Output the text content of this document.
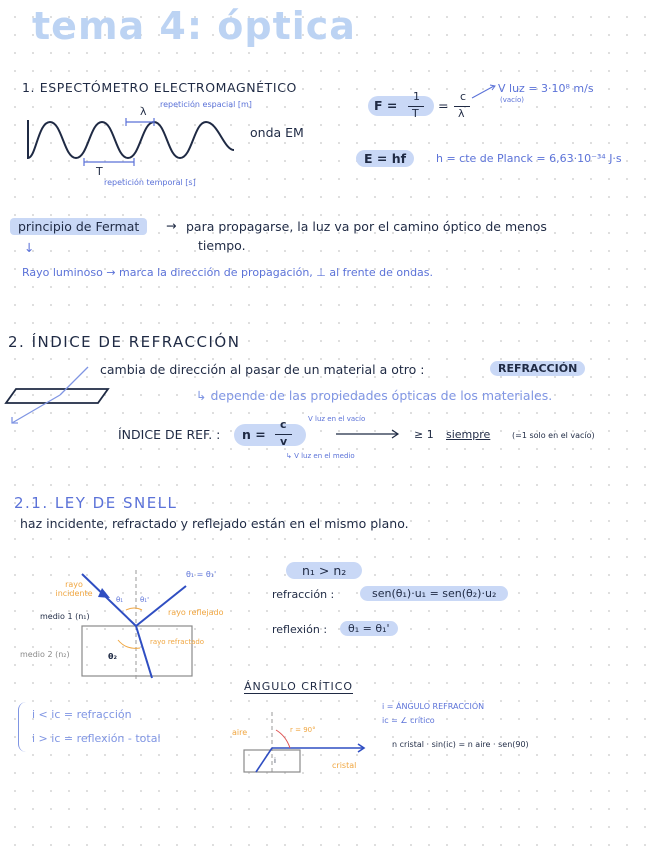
tema 4: óptica
1. ESPECTÓMETRO ELECTROMAGNÉTICO
λ
repetición espacial [m]
onda EM
T
repetición temporal [s]
F =
1
T
=
c
λ
V luz = 3·10⁸ m/s
(vacío)
E = hf	h = cte de Planck = 6,63·10⁻³⁴ J·s
principio de Fermat	→ para propagarse, la luz va por el camino óptico de menos
tiempo.
↓
Rayo luminoso → marca la dirección de propagación, ⊥ al frente de ondas.
2. ÍNDICE DE REFRACCIÓN
cambia de dirección al pasar de un material a otro :	REFRACCIÓN
↳ depende de las propiedades ópticas de los materiales.
ÍNDICE DE REF. : n =
c
v
V luz en el vacío
↳ V luz en el medio
≥ 1 siempre	(=1 solo en el vacío)
2.1. LEY DE SNELL
haz incidente, refractado y reflejado están en el mismo plano.
rayo incidente
θ₁ = θ₁'
medio 1 (n₁)
medio 2 (n₂)
θ₁ θ₁'
rayo reflejado
rayo refractado
θ₂
n₁ > n₂
refracción :	sen(θ₁)·u₁ = sen(θ₂)·u₂
reflexión :	θ₁ = θ₁'
ÁNGULO CRÍTICO
aire	r = 90°
i	cristal
i = ÁNGULO REFRACCIÓN
ic = ∠ crítico
n cristal · sin(ic) = n aire · sen(90)
i < ic = refracción
i > ic = reflexión - total
